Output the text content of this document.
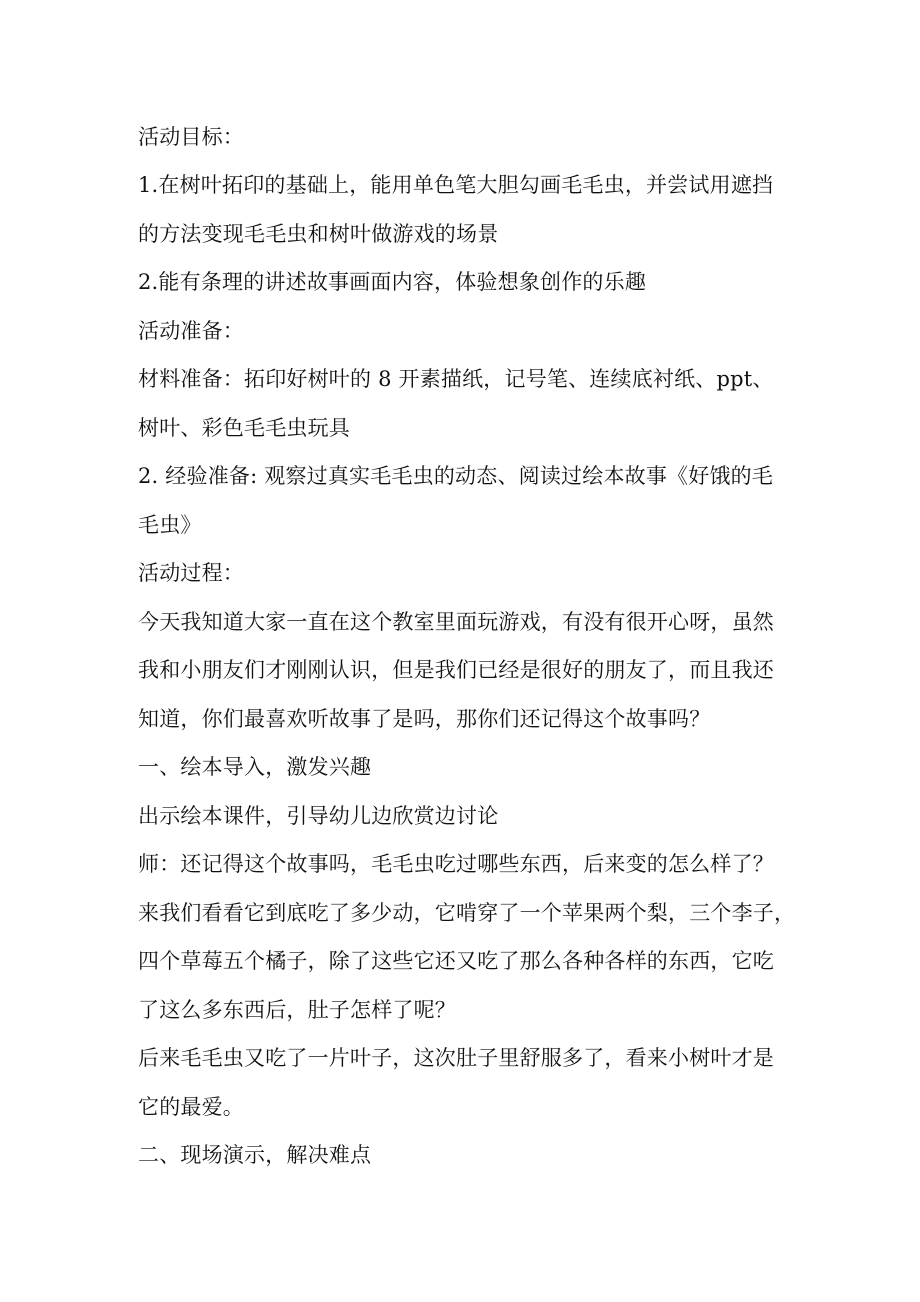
活动目标：
1.在树叶拓印的基础上，能用单色笔大胆勾画毛毛虫，并尝试用遮挡
的方法变现毛毛虫和树叶做游戏的场景
2.能有条理的讲述故事画面内容，体验想象创作的乐趣
活动准备：
材料准备：拓印好树叶的 8 开素描纸，记号笔、连续底衬纸、ppt、
树叶、彩色毛毛虫玩具
2. 经验准备: 观察过真实毛毛虫的动态、阅读过绘本故事《好饿的毛
毛虫》
活动过程：
今天我知道大家一直在这个教室里面玩游戏，有没有很开心呀，虽然
我和小朋友们才刚刚认识，但是我们已经是很好的朋友了，而且我还
知道，你们最喜欢听故事了是吗，那你们还记得这个故事吗？
一、绘本导入，激发兴趣
出示绘本课件，引导幼儿边欣赏边讨论
师：还记得这个故事吗，毛毛虫吃过哪些东西，后来变的怎么样了？
来我们看看它到底吃了多少动，它啃穿了一个苹果两个梨，三个李子，
四个草莓五个橘子，除了这些它还又吃了那么各种各样的东西，它吃
了这么多东西后，肚子怎样了呢？
后来毛毛虫又吃了一片叶子，这次肚子里舒服多了，看来小树叶才是
它的最爱。
二、现场演示，解决难点
